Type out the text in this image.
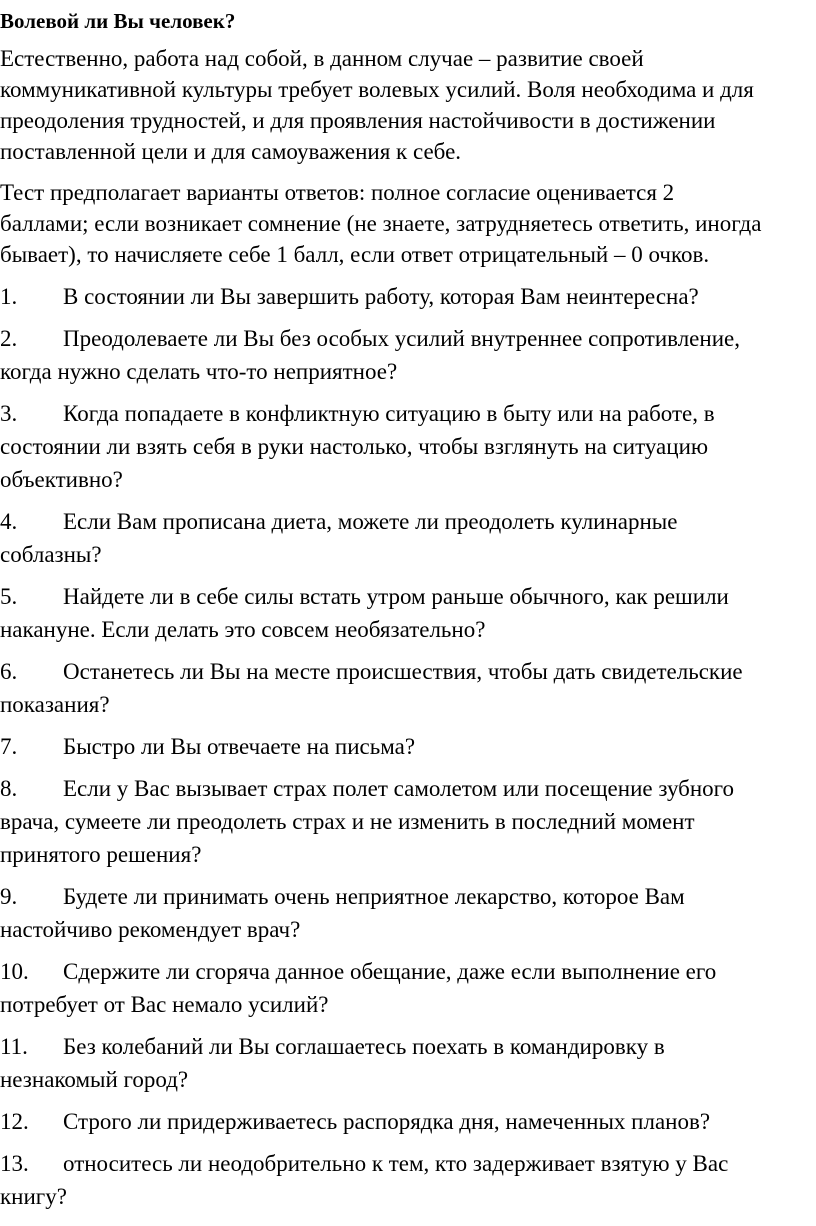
Волевой ли Вы человек?
Естественно, работа над собой, в данном случае – развитие своей
коммуникативной культуры требует волевых усилий. Воля необходима и для
преодоления трудностей, и для проявления настойчивости в достижении
поставленной цели и для самоуважения к себе.
Тест предполагает варианты ответов: полное согласие оценивается 2
баллами; если возникает сомнение (не знаете, затрудняетесь ответить, иногда
бывает), то начисляете себе 1 балл, если ответ отрицательный – 0 очков.
1. В состоянии ли Вы завершить работу, которая Вам неинтересна?
2. Преодолеваете ли Вы без особых усилий внутреннее сопротивление,
когда нужно сделать что-то неприятное?
3. Когда попадаете в конфликтную ситуацию в быту или на работе, в
состоянии ли взять себя в руки настолько, чтобы взглянуть на ситуацию
объективно?
4. Если Вам прописана диета, можете ли преодолеть кулинарные
соблазны?
5. Найдете ли в себе силы встать утром раньше обычного, как решили
накануне. Если делать это совсем необязательно?
6. Останетесь ли Вы на месте происшествия, чтобы дать свидетельские
показания?
7. Быстро ли Вы отвечаете на письма?
8. Если у Вас вызывает страх полет самолетом или посещение зубного
врача, сумеете ли преодолеть страх и не изменить в последний момент
принятого решения?
9. Будете ли принимать очень неприятное лекарство, которое Вам
настойчиво рекомендует врач?
10. Сдержите ли сгоряча данное обещание, даже если выполнение его
потребует от Вас немало усилий?
11. Без колебаний ли Вы соглашаетесь поехать в командировку в
незнакомый город?
12. Строго ли придерживаетесь распорядка дня, намеченных планов?
13. относитесь ли неодобрительно к тем, кто задерживает взятую у Вас
книгу?
